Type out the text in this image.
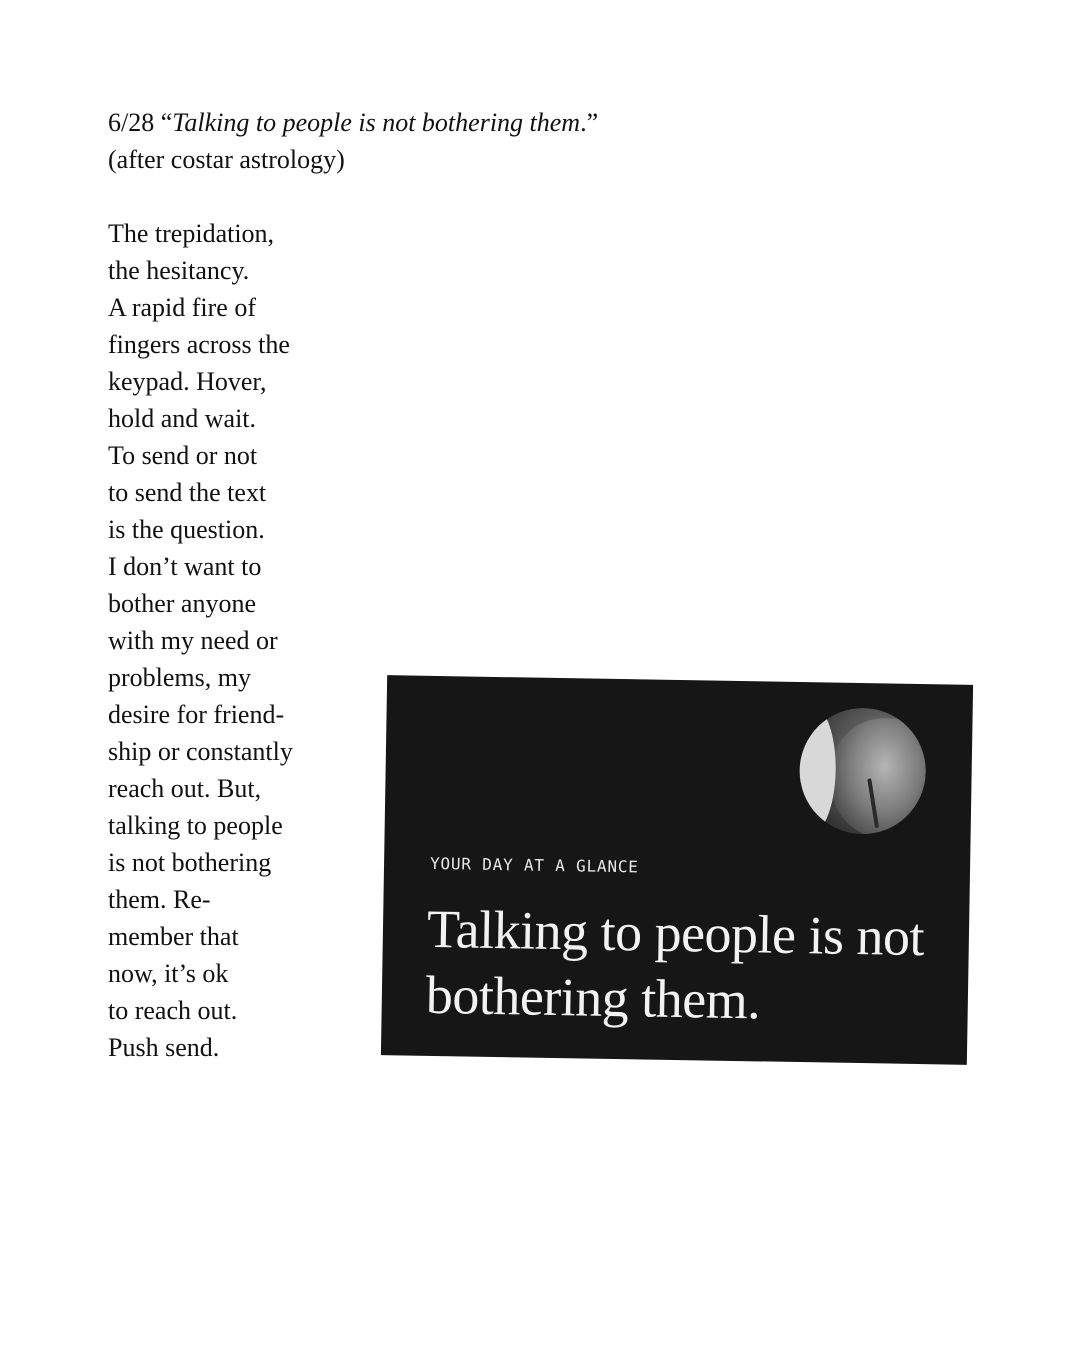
6/28 “Talking to people is not bothering them.”
(after costar astrology)
The trepidation,
the hesitancy.
A rapid fire of
fingers across the
keypad. Hover,
hold and wait.
To send or not
to send the text
is the question.
I don’t want to
bother anyone
with my need or
problems, my
desire for friend-
ship or constantly
reach out. But,
talking to people
is not bothering
them. Re-
member that
now, it’s ok
to reach out.
Push send.
YOUR DAY AT A GLANCE
Talking to people is not bothering them.
